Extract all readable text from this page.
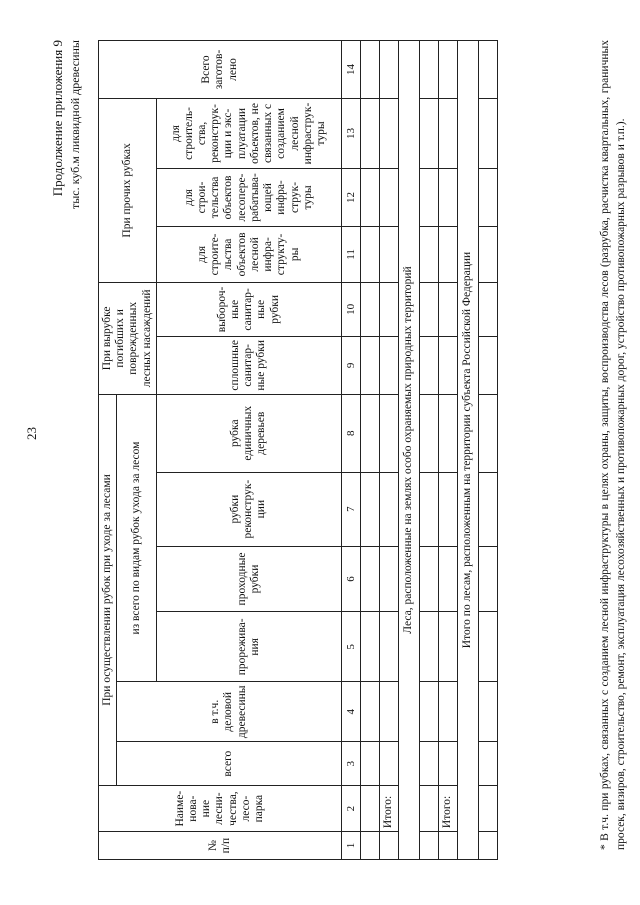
23
Продолжение приложения 9 тыс. куб.м ликвидной древесины
№ п/п	Наименование лесничества, лесопарка	При осуществлении рубок при уходе за лесами						При вырубке погибших и поврежденных лесных насаждений		При прочих рубках			Всего заготовлено
		всего	в т.ч. деловой древесины	из всего по видам рубок ухода за лесом									
				прореживания	проходные рубки	рубки реконструкции	рубка единичных деревьев	сплошные санитарные рубки	выборочные санитарные рубки	для строительства объектов лесной инфраструктуры	для строительства объектов лесоперерабатывающей инфраструктуры	для строительства, реконструкции и эксплуатации объектов, не связанных с созданием лесной инфраструктуры	
1	2	3	4	5	6	7	8	9	10	11	12	13	14

	Итого:												
Леса, расположенные на землях особо охраняемых природных территорий													

	Итого:												
Итого по лесам, расположенным на территории субъекта Российской Федерации													
														* В т.ч. при рубках, связанных с созданием лесной инфраструктуры в целях охраны, защиты, воспроизводства лесов (разрубка, расчистка квартальных, граничных просек, визиров, строительство, ремонт, эксплуатация лесохозяйственных и противопожарных дорог, устройство противопожарных разрывов и т.п.).
